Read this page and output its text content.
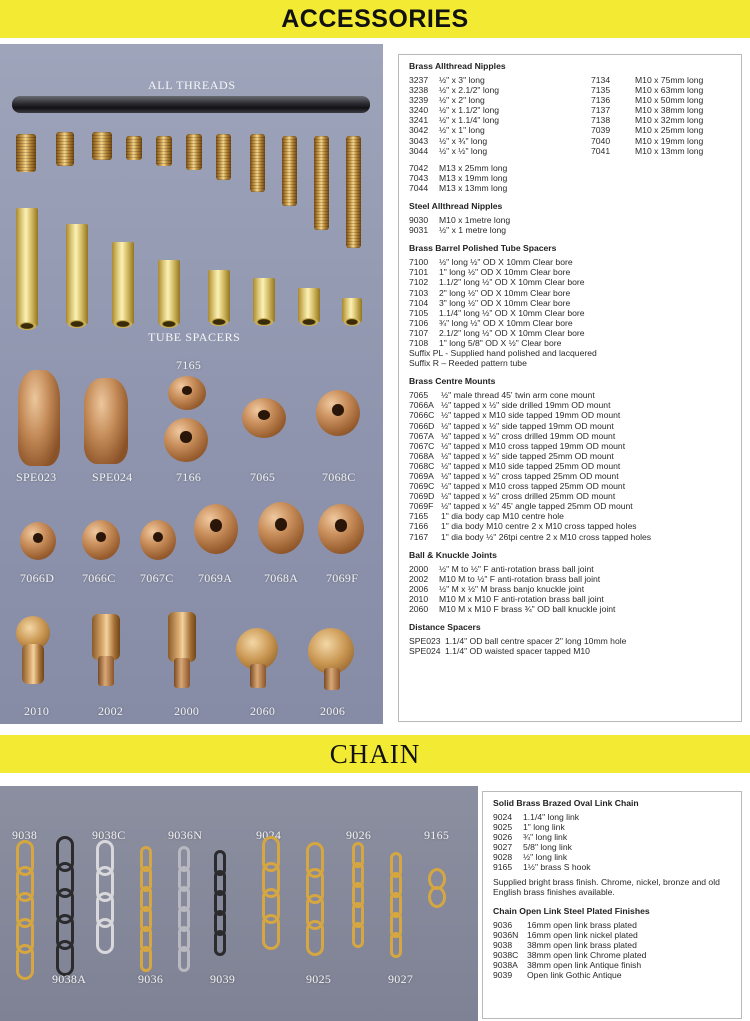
ACCESSORIES
ALL THREADS
TUBE SPACERS
7165
SPE023	SPE024	7166	7065	7068C
7066D 7066C 7067C 7069A	7068A 7069F
2010	2002	2000	2060	2006
Brass Allthread Nipples
3237	½" x 3" long
3238	½" x 2.1/2" long
3239	½" x 2" long
3240	½" x 1.1/2" long
3241	½" x 1.1/4" long
3042	½" x 1" long
3043	½" x ¾" long
3044	½" x ½" long
7134	M10 x 75mm long
7135	M10 x 63mm long
7136	M10 x 50mm long
7137	M10 x 38mm long
7138	M10 x 32mm long
7039	M10 x 25mm long
7040	M10 x 19mm long
7041	M10 x 13mm long
7042	M13 x 25mm long
7043	M13 x 19mm long
7044	M13 x 13mm long
Steel Allthread Nipples
9030	M10 x 1metre long
9031	½" x 1 metre long
Brass Barrel Polished Tube Spacers
7100	½" long ½" OD X 10mm Clear bore
7101	1" long ½" OD X 10mm Clear bore
7102	1.1/2" long ½" OD X 10mm Clear bore
7103	2" long ½" OD X 10mm Clear bore
7104	3" long ½" OD X 10mm Clear bore
7105	1.1/4" long ½" OD X 10mm Clear bore
7106	¾" long ½" OD X 10mm Clear bore
7107	2.1/2" long ½" OD X 10mm Clear bore
7108	1" long 5/8" OD X ½" Clear bore
Suffix PL - Supplied hand polished and lacquered
Suffix R – Reeded pattern tube
Brass Centre Mounts
7065	½" male thread 45' twin arm cone mount
7066A ½" tapped x ½" side drilled 19mm OD mount
7066C ½" tapped x M10 side tapped 19mm OD mount
7066D ½" tapped x ½" side tapped 19mm OD mount
7067A ½" tapped x ½" cross drilled 19mm OD mount
7067C ½" tapped x M10 cross tapped 19mm OD mount
7068A ½" tapped x ½" side tapped 25mm OD mount
7068C ½" tapped x M10 side tapped 25mm OD mount
7069A ½" tapped x ½" cross tapped 25mm OD mount
7069C ½" tapped x M10 cross tapped 25mm OD mount
7069D ½" tapped x ½" cross drilled 25mm OD mount
7069F ½" tapped x ½" 45' angle tapped 25mm OD mount
7165	1" dia body cap M10 centre hole
7166	1" dia body M10 centre 2 x M10 cross tapped holes
7167	1" dia body ½" 26tpi centre 2 x M10 cross tapped holes
Ball & Knuckle Joints
2000	½" M to ½" F anti-rotation brass ball joint
2002	M10 M to ½" F anti-rotation brass ball joint
2006	½" M x ½" M brass banjo knuckle joint
2010	M10 M x M10 F anti-rotation brass ball joint
2060	M10 M x M10 F brass ¾" OD ball knuckle joint
Distance Spacers
SPE023 1.1/4" OD ball centre spacer 2" long 10mm hole
SPE024 1.1/4" OD waisted spacer tapped M10
CHAIN
9038	9038C	9036N	9024	9026	9165
9038A	9036	9039	9025	9027
Solid Brass Brazed Oval Link Chain
9024	1.1/4" long link
9025	1" long link
9026	¾" long link
9027	5/8" long link
9028	½" long link
9165	1½" brass S hook
Supplied bright brass finish. Chrome, nickel, bronze and old English brass finishes available.
Chain Open Link Steel Plated Finishes
9036	16mm open link brass plated
9036N	16mm open link nickel plated
9038	38mm open link brass plated
9038C	38mm open link Chrome plated
9038A	38mm open link Antique finish
9039	Open link Gothic Antique
